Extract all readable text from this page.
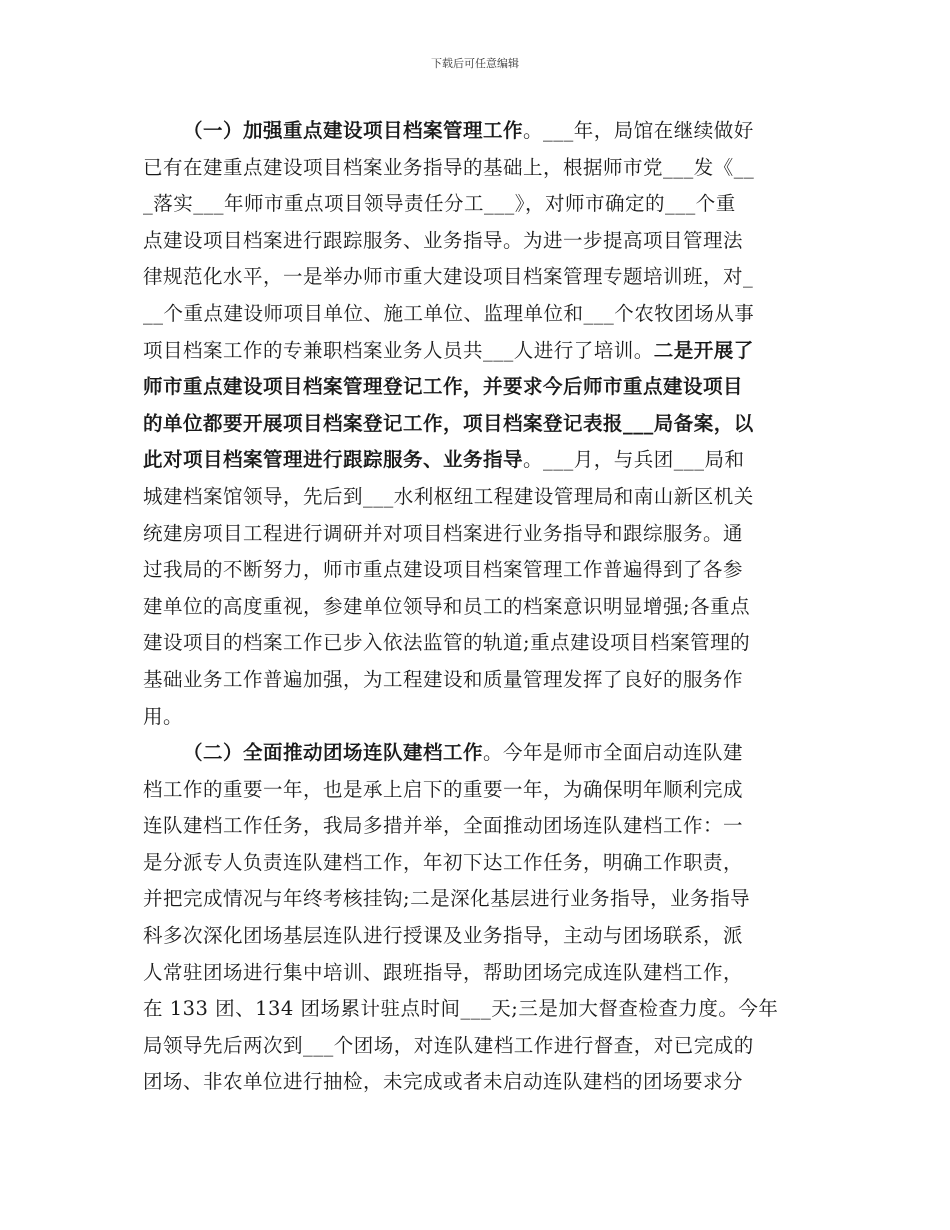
下载后可任意编辑
（一）加强重点建设项目档案管理工作。___年，局馆在继续做好
已有在建重点建设项目档案业务指导的基础上，根据师市党___发《__
_落实___年师市重点项目领导责任分工___》，对师市确定的___个重
点建设项目档案进行跟踪服务、业务指导。为进一步提高项目管理法
律规范化水平，一是举办师市重大建设项目档案管理专题培训班，对_
__个重点建设师项目单位、施工单位、监理单位和___个农牧团场从事
项目档案工作的专兼职档案业务人员共___人进行了培训。二是开展了
师市重点建设项目档案管理登记工作，并要求今后师市重点建设项目
的单位都要开展项目档案登记工作，项目档案登记表报___局备案，以
此对项目档案管理进行跟踪服务、业务指导。___月，与兵团___局和
城建档案馆领导，先后到___水利枢纽工程建设管理局和南山新区机关
统建房项目工程进行调研并对项目档案进行业务指导和跟综服务。通
过我局的不断努力，师市重点建设项目档案管理工作普遍得到了各参
建单位的高度重视，参建单位领导和员工的档案意识明显增强;各重点
建设项目的档案工作已步入依法监管的轨道;重点建设项目档案管理的
基础业务工作普遍加强，为工程建设和质量管理发挥了良好的服务作
用。
（二）全面推动团场连队建档工作。今年是师市全面启动连队建
档工作的重要一年，也是承上启下的重要一年，为确保明年顺利完成
连队建档工作任务，我局多措并举，全面推动团场连队建档工作：一
是分派专人负责连队建档工作，年初下达工作任务，明确工作职责，
并把完成情况与年终考核挂钩;二是深化基层进行业务指导，业务指导
科多次深化团场基层连队进行授课及业务指导，主动与团场联系，派
人常驻团场进行集中培训、跟班指导，帮助团场完成连队建档工作，
在 133 团、134 团场累计驻点时间___天;三是加大督查检查力度。今年
局领导先后两次到___个团场，对连队建档工作进行督查，对已完成的
团场、非农单位进行抽检，未完成或者未启动连队建档的团场要求分
